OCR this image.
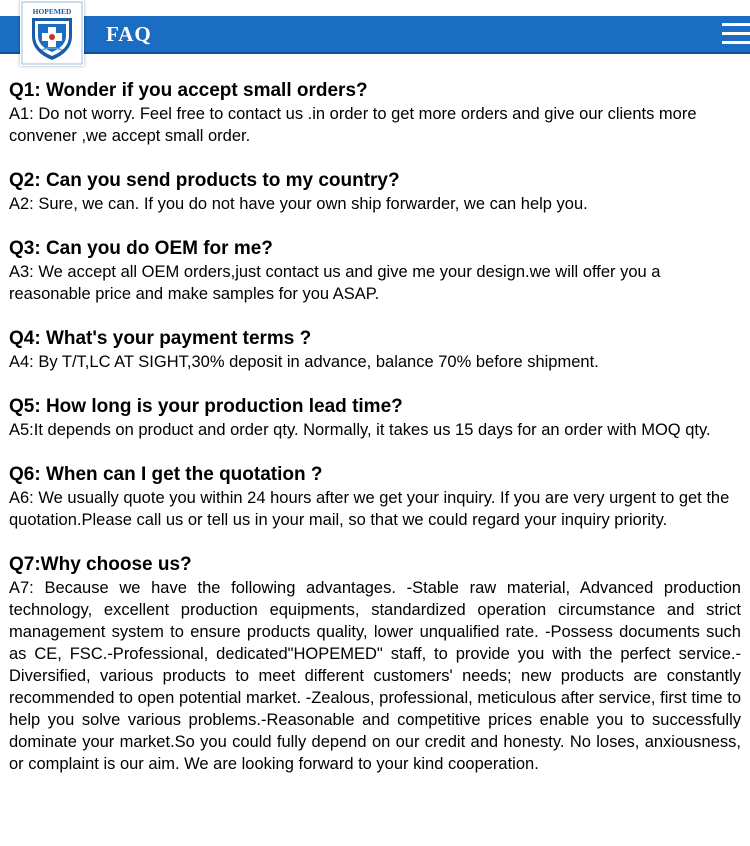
HOPEMED
FAQ

Q1: Wonder if you accept small orders?

A1: Do not worry. Feel free to contact us .in order to get more orders and give our clients more convener ,we accept small order.

Q2: Can you send products to my country?

A2: Sure, we can. If you do not have your own ship forwarder, we can help you.

Q3: Can you do OEM for me?

A3: We accept all OEM orders,just contact us and give me your design.we will offer you a reasonable price and make samples for you ASAP.

Q4: What's your payment terms ?

A4: By T/T,LC AT SIGHT,30% deposit in advance, balance 70% before shipment.

Q5: How long is your production lead time?

A5:It depends on product and order qty. Normally, it takes us 15 days for an order with MOQ qty.

Q6: When can I get the quotation ?

A6: We usually quote you within 24 hours after we get your inquiry. If you are very urgent to get the quotation.Please call us or tell us in your mail, so that we could regard your inquiry priority.

Q7:Why choose us?

A7: Because we have the following advantages. -Stable raw material, Advanced production technology, excellent production equipments, standardized operation circumstance and strict management system to ensure products quality, lower unqualified rate. -Possess documents such as CE, FSC.-Professional, dedicated"HOPEMED" staff, to provide you with the perfect service.-Diversified, various products to meet different customers' needs; new products are constantly recommended to open potential market. -Zealous, professional, meticulous after service, first time to help you solve various problems.-Reasonable and competitive prices enable you to successfully dominate your market.So you could fully depend on our credit and honesty. No loses, anxiousness, or complaint is our aim. We are looking forward to your kind cooperation.
